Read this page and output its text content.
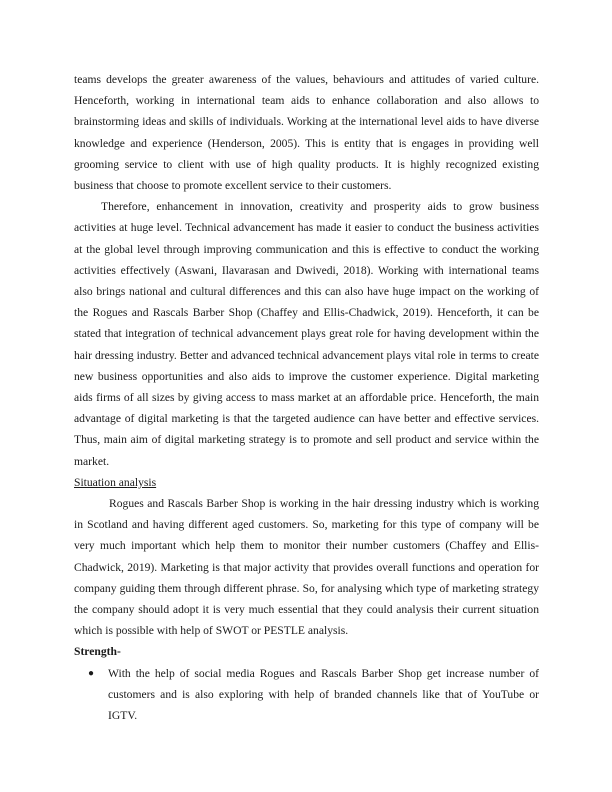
teams develops the greater awareness of the values, behaviours and attitudes of varied culture. Henceforth, working in international team aids to enhance collaboration and also allows to brainstorming ideas and skills of individuals. Working at the international level aids to have diverse knowledge and experience (Henderson, 2005). This is entity that is engages in providing well grooming service to client with use of high quality products. It is highly recognized existing business that choose to promote excellent service to their customers.

Therefore, enhancement in innovation, creativity and prosperity aids to grow business activities at huge level. Technical advancement has made it easier to conduct the business activities at the global level through improving communication and this is effective to conduct the working activities effectively (Aswani, Ilavarasan and Dwivedi, 2018). Working with international teams also brings national and cultural differences and this can also have huge impact on the working of the Rogues and Rascals Barber Shop (Chaffey and Ellis-Chadwick, 2019). Henceforth, it can be stated that integration of technical advancement plays great role for having development within the hair dressing industry. Better and advanced technical advancement plays vital role in terms to create new business opportunities and also aids to improve the customer experience. Digital marketing aids firms of all sizes by giving access to mass market at an affordable price. Henceforth, the main advantage of digital marketing is that the targeted audience can have better and effective services. Thus, main aim of digital marketing strategy is to promote and sell product and service within the market.

Situation analysis

Rogues and Rascals Barber Shop is working in the hair dressing industry which is working in Scotland and having different aged customers. So, marketing for this type of company will be very much important which help them to monitor their number customers (Chaffey and Ellis-Chadwick, 2019). Marketing is that major activity that provides overall functions and operation for company guiding them through different phrase. So, for analysing which type of marketing strategy the company should adopt it is very much essential that they could analysis their current situation which is possible with help of SWOT or PESTLE analysis.

Strength-

● With the help of social media Rogues and Rascals Barber Shop get increase number of customers and is also exploring with help of branded channels like that of YouTube or IGTV.
